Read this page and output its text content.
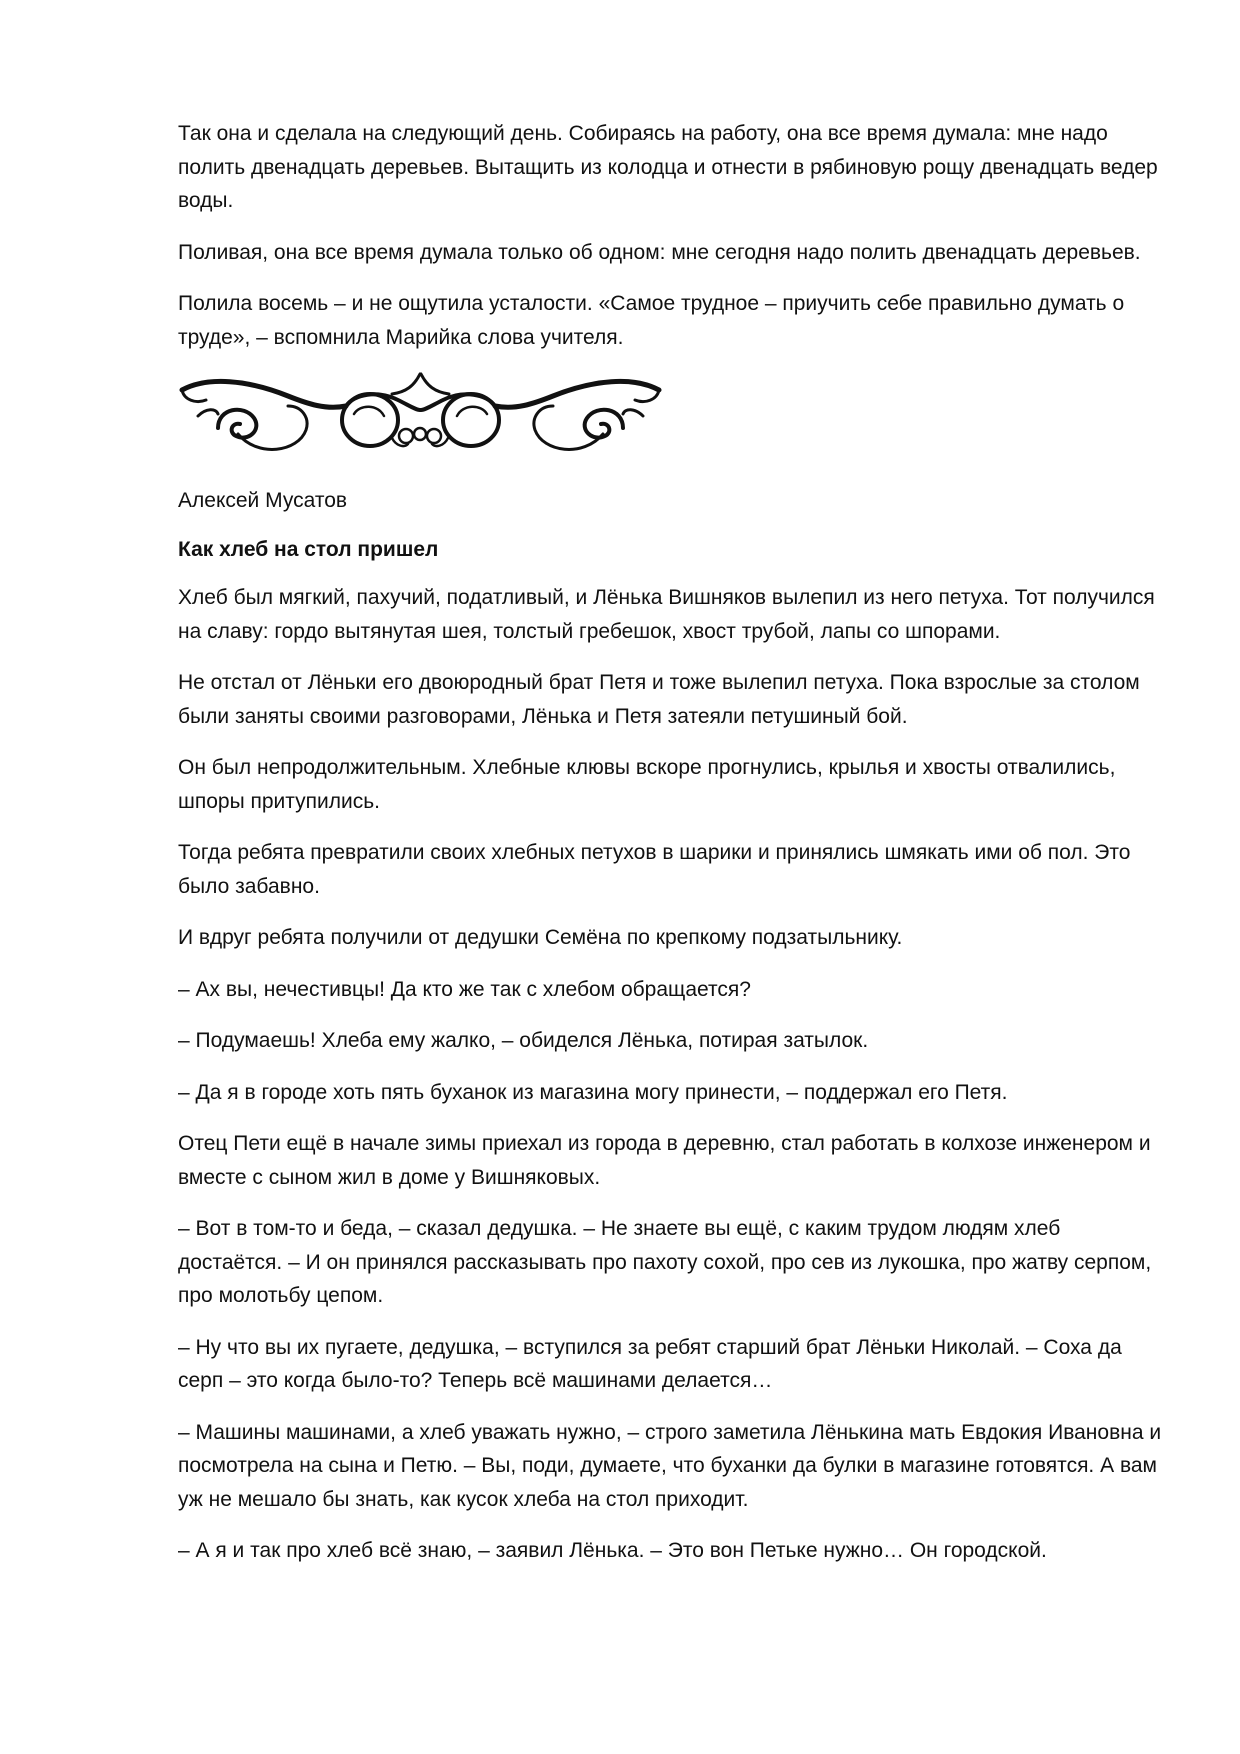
Так она и сделала на следующий день. Собираясь на работу, она все время думала: мне надо полить двенадцать деревьев. Вытащить из колодца и отнести в рябиновую рощу двенадцать ведер воды.

Поливая, она все время думала только об одном: мне сегодня надо полить двенадцать деревьев.

Полила восемь – и не ощутила усталости. «Самое трудное – приучить себе правильно думать о труде», – вспомнила Марийка слова учителя.

Алексей Мусатов

Как хлеб на стол пришел

Хлеб был мягкий, пахучий, податливый, и Лёнька Вишняков вылепил из него петуха. Тот получился на славу: гордо вытянутая шея, толстый гребешок, хвост трубой, лапы со шпорами.

Не отстал от Лёньки его двоюродный брат Петя и тоже вылепил петуха. Пока взрослые за столом были заняты своими разговорами, Лёнька и Петя затеяли петушиный бой.

Он был непродолжительным. Хлебные клювы вскоре прогнулись, крылья и хвосты отвалились, шпоры притупились.

Тогда ребята превратили своих хлебных петухов в шарики и принялись шмякать ими об пол. Это было забавно.

И вдруг ребята получили от дедушки Семёна по крепкому подзатыльнику.

– Ах вы, нечестивцы! Да кто же так с хлебом обращается?

– Подумаешь! Хлеба ему жалко, – обиделся Лёнька, потирая затылок.

– Да я в городе хоть пять буханок из магазина могу принести, – поддержал его Петя.

Отец Пети ещё в начале зимы приехал из города в деревню, стал работать в колхозе инженером и вместе с сыном жил в доме у Вишняковых.

– Вот в том-то и беда, – сказал дедушка. – Не знаете вы ещё, с каким трудом людям хлеб достаётся. – И он принялся рассказывать про пахоту сохой, про сев из лукошка, про жатву серпом, про молотьбу цепом.

– Ну что вы их пугаете, дедушка, – вступился за ребят старший брат Лёньки Николай. – Соха да серп – это когда было-то? Теперь всё машинами делается…

– Машины машинами, а хлеб уважать нужно, – строго заметила Лёнькина мать Евдокия Ивановна и посмотрела на сына и Петю. – Вы, поди, думаете, что буханки да булки в магазине готовятся. А вам уж не мешало бы знать, как кусок хлеба на стол приходит.

– А я и так про хлеб всё знаю, – заявил Лёнька. – Это вон Петьке нужно… Он городской.
